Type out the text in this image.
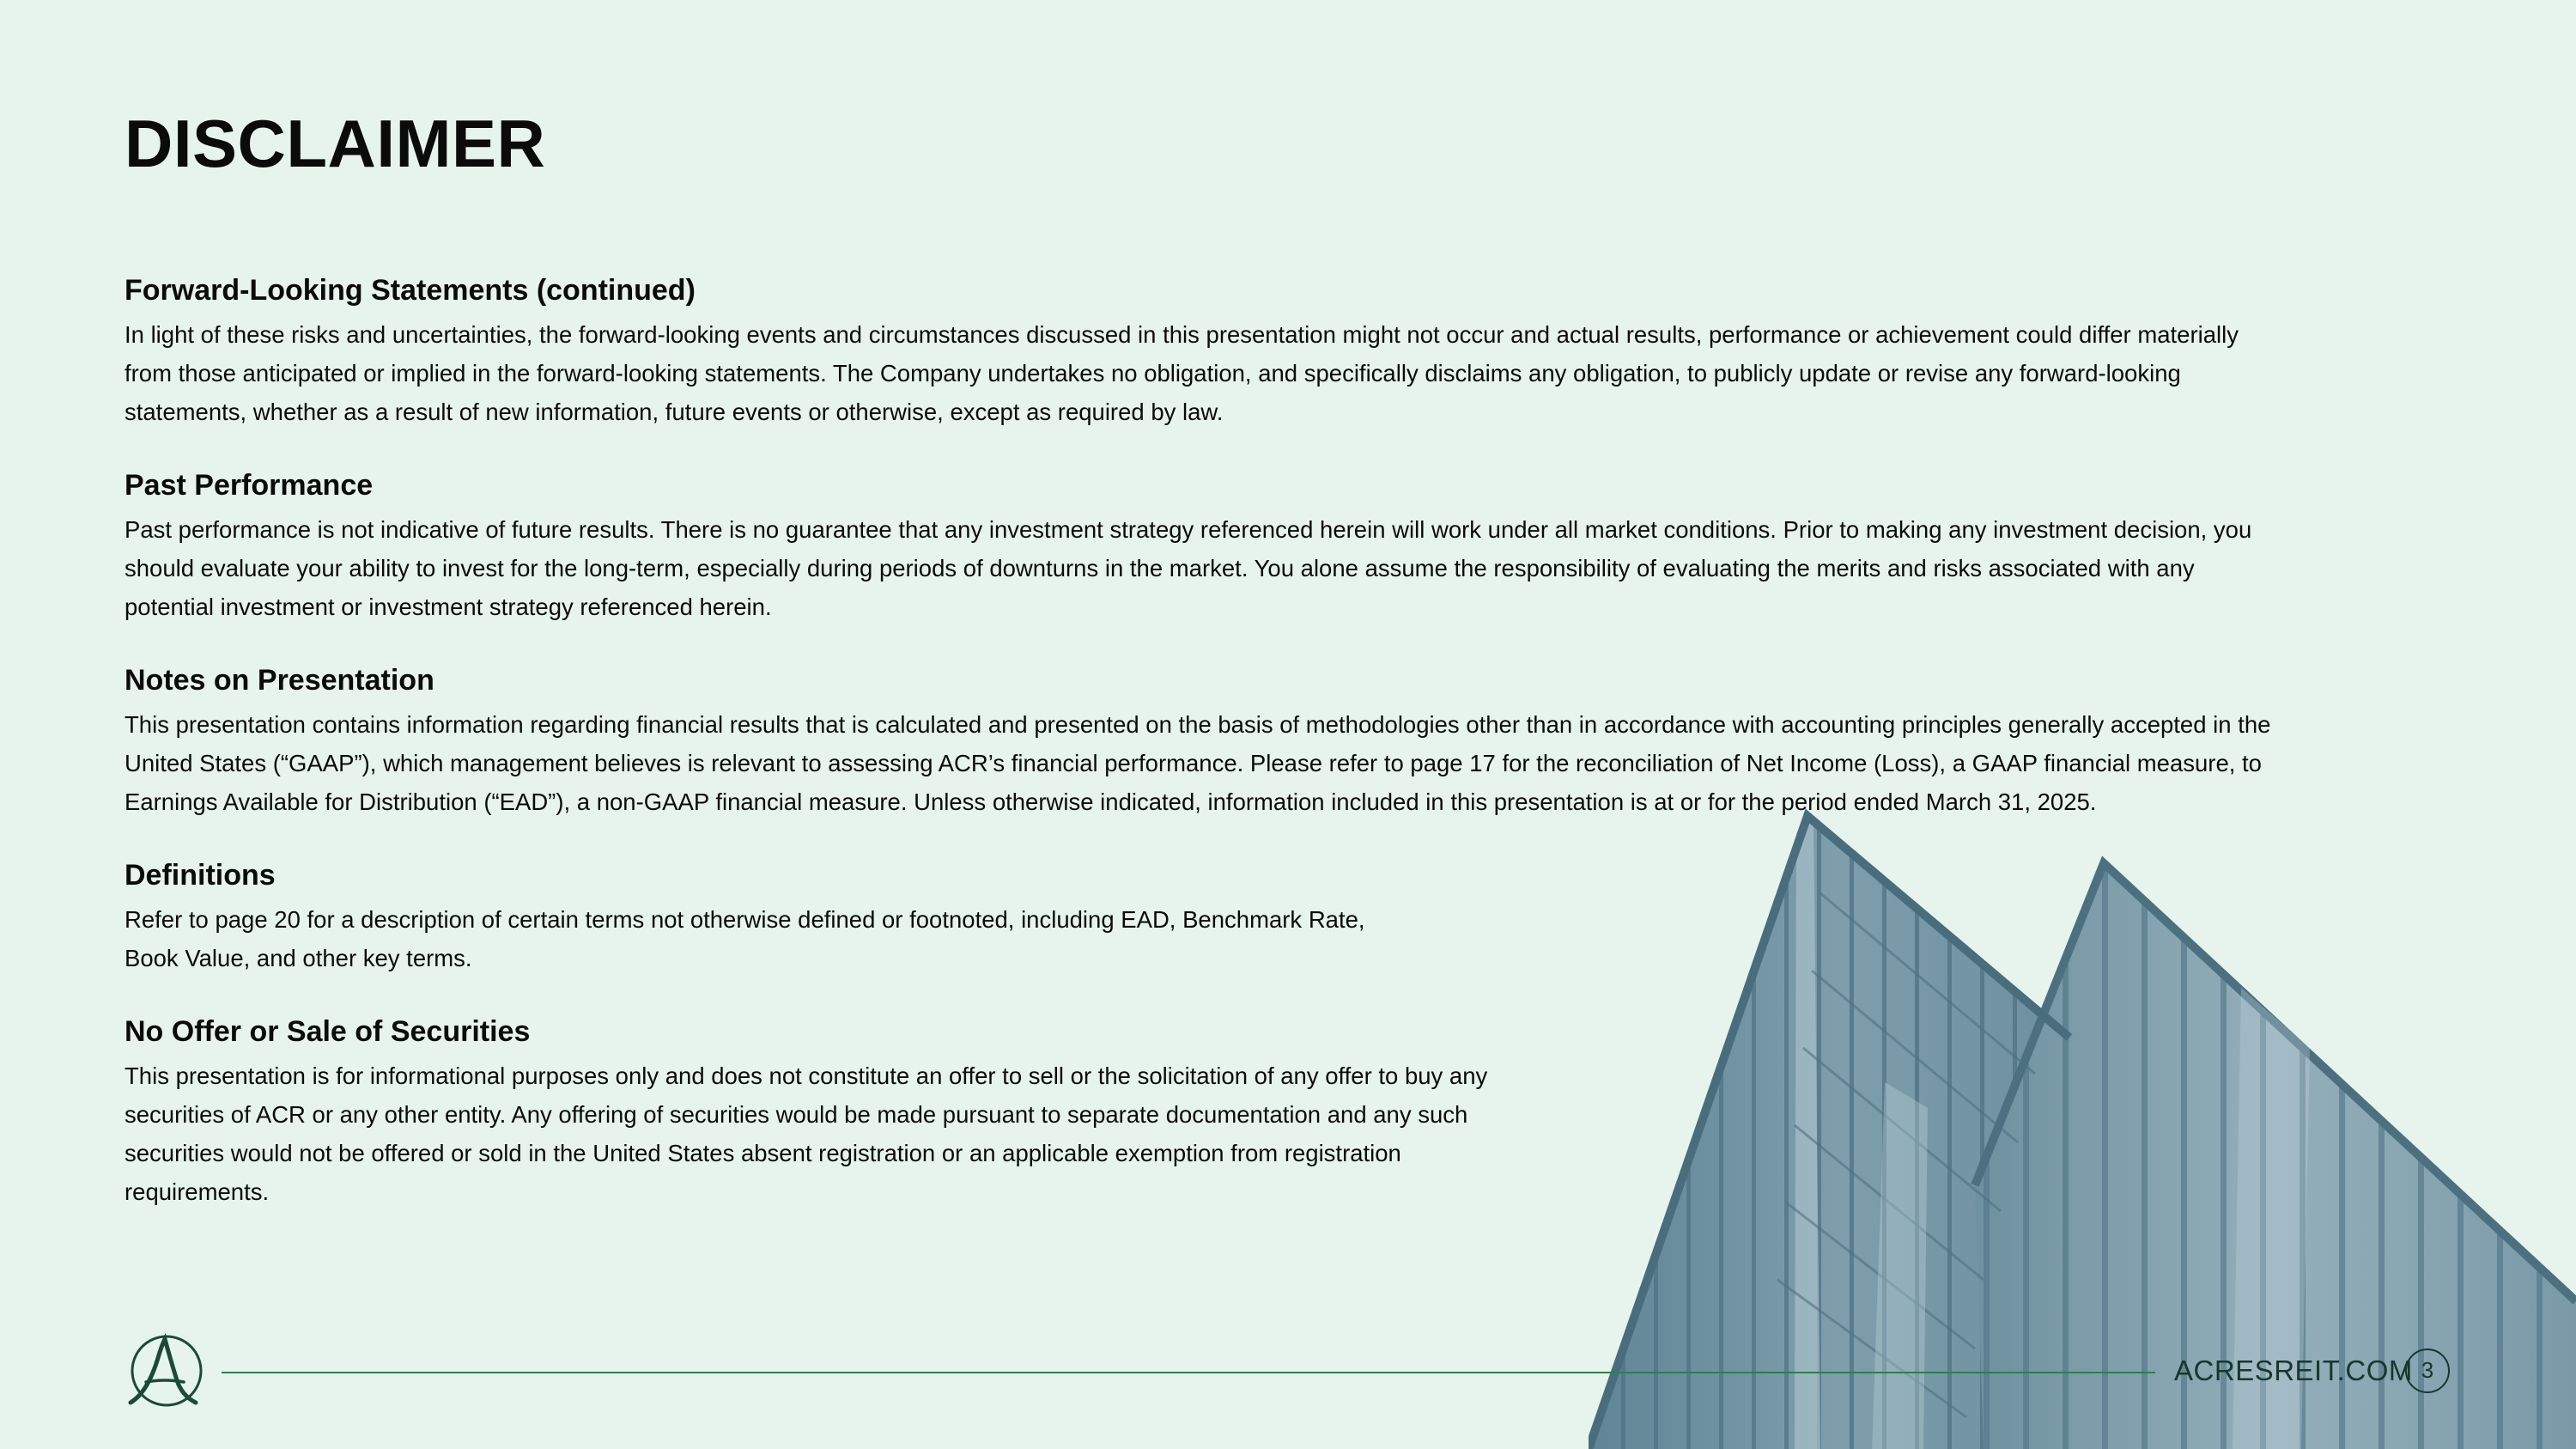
DISCLAIMER
Forward-Looking Statements (continued)

In light of these risks and uncertainties, the forward-looking events and circumstances discussed in this presentation might not occur and actual results, performance or achievement could differ materially
from those anticipated or implied in the forward-looking statements. The Company undertakes no obligation, and specifically disclaims any obligation, to publicly update or revise any forward-looking
statements, whether as a result of new information, future events or otherwise, except as required by law.

Past Performance

Past performance is not indicative of future results. There is no guarantee that any investment strategy referenced herein will work under all market conditions. Prior to making any investment decision, you
should evaluate your ability to invest for the long-term, especially during periods of downturns in the market. You alone assume the responsibility of evaluating the merits and risks associated with any
potential investment or investment strategy referenced herein.

Notes on Presentation

This presentation contains information regarding financial results that is calculated and presented on the basis of methodologies other than in accordance with accounting principles generally accepted in the
United States (“GAAP”), which management believes is relevant to assessing ACR’s financial performance. Please refer to page 17 for the reconciliation of Net Income (Loss), a GAAP financial measure, to
Earnings Available for Distribution (“EAD”), a non-GAAP financial measure. Unless otherwise indicated, information included in this presentation is at or for the period ended March 31, 2025.

Definitions

Refer to page 20 for a description of certain terms not otherwise defined or footnoted, including EAD, Benchmark Rate,
Book Value, and other key terms.

No Offer or Sale of Securities

This presentation is for informational purposes only and does not constitute an offer to sell or the solicitation of any offer to buy any
securities of ACR or any other entity. Any offering of securities would be made pursuant to separate documentation and any such
securities would not be offered or sold in the United States absent registration or an applicable exemption from registration
requirements.

ACRESREIT.COM 3
